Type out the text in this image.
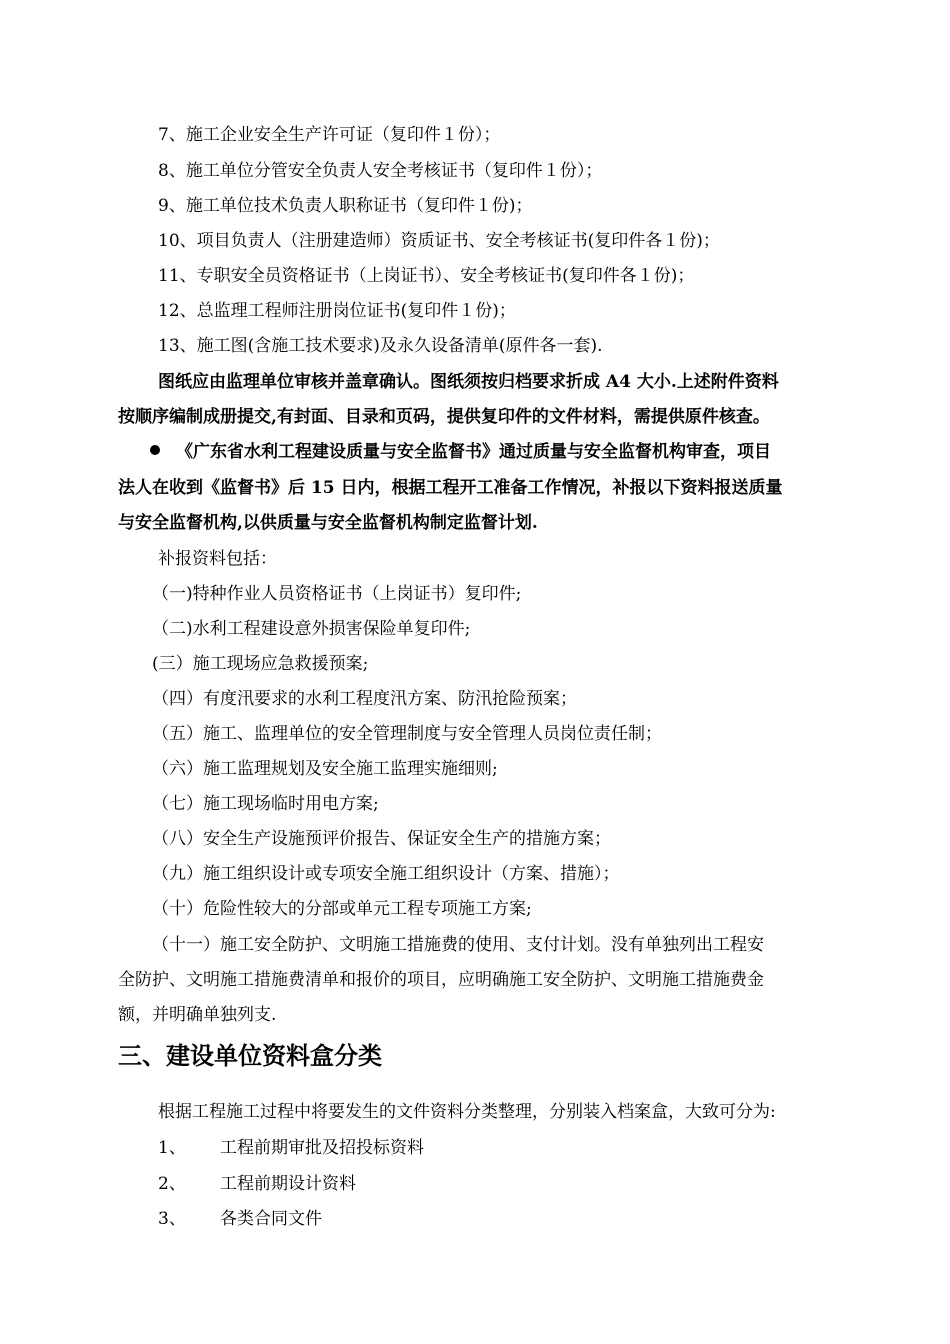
7、施工企业安全生产许可证（复印件１份）；
8、施工单位分管安全负责人安全考核证书（复印件１份）；
9、施工单位技术负责人职称证书（复印件１份)；
10、项目负责人（注册建造师）资质证书、安全考核证书(复印件各１份)；
11、专职安全员资格证书（上岗证书）、安全考核证书(复印件各１份)；
12、总监理工程师注册岗位证书(复印件１份)；
13、施工图(含施工技术要求)及永久设备清单(原件各一套).
图纸应由监理单位审核并盖章确认。图纸须按归档要求折成 A4 大小.上述附件资料
按顺序编制成册提交,有封面、目录和页码，提供复印件的文件材料，需提供原件核查。
《广东省水利工程建设质量与安全监督书》通过质量与安全监督机构审查，项目
法人在收到《监督书》后 15 日内，根据工程开工准备工作情况，补报以下资料报送质量
与安全监督机构,以供质量与安全监督机构制定监督计划.
补报资料包括：
（一)特种作业人员资格证书（上岗证书）复印件;
（二)水利工程建设意外损害保险单复印件;
(三）施工现场应急救援预案;
（四）有度汛要求的水利工程度汛方案、防汛抢险预案；
（五）施工、监理单位的安全管理制度与安全管理人员岗位责任制；
（六）施工监理规划及安全施工监理实施细则;
（七）施工现场临时用电方案;
（八）安全生产设施预评价报告、保证安全生产的措施方案；
（九）施工组织设计或专项安全施工组织设计（方案、措施）；
（十）危险性较大的分部或单元工程专项施工方案;
（十一）施工安全防护、文明施工措施费的使用、支付计划。没有单独列出工程安
全防护、文明施工措施费清单和报价的项目，应明确施工安全防护、文明施工措施费金
额，并明确单独列支.
三、建设单位资料盒分类
根据工程施工过程中将要发生的文件资料分类整理，分别装入档案盒，大致可分为:
1、 工程前期审批及招投标资料
2、 工程前期设计资料
3、 各类合同文件
